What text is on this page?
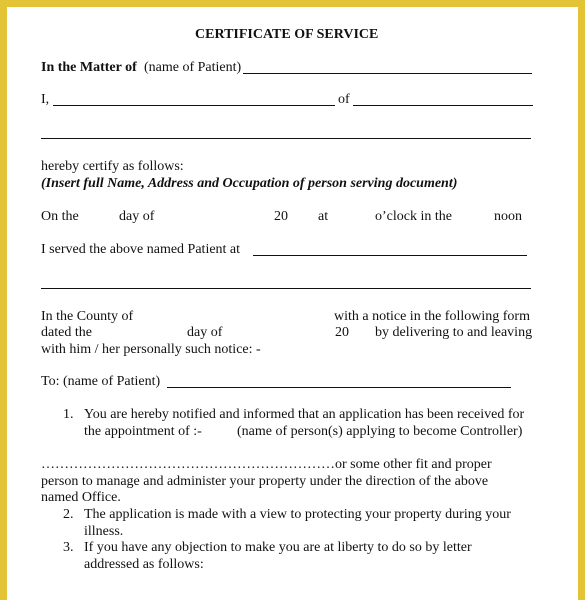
CERTIFICATE OF SERVICE
In the Matter of (name of Patient)
I,	of
hereby certify as follows:
(Insert full Name, Address and Occupation of person serving document)
On the	day of	20 at	o’clock in the	noon
I served the above named Patient at
In the County of	with a notice in the following form
dated the	day of	20 by delivering to and leaving
with him / her personally such notice: -
To: (name of Patient)
1. You are hereby notified and informed that an application has been received for
the appointment of :-	(name of person(s) applying to become Controller)
………………………………………………………or some other fit and proper
person to manage and administer your property under the direction of the above
named Office.
2. The application is made with a view to protecting your property during your
illness.
3. If you have any objection to make you are at liberty to do so by letter
addressed as follows:
